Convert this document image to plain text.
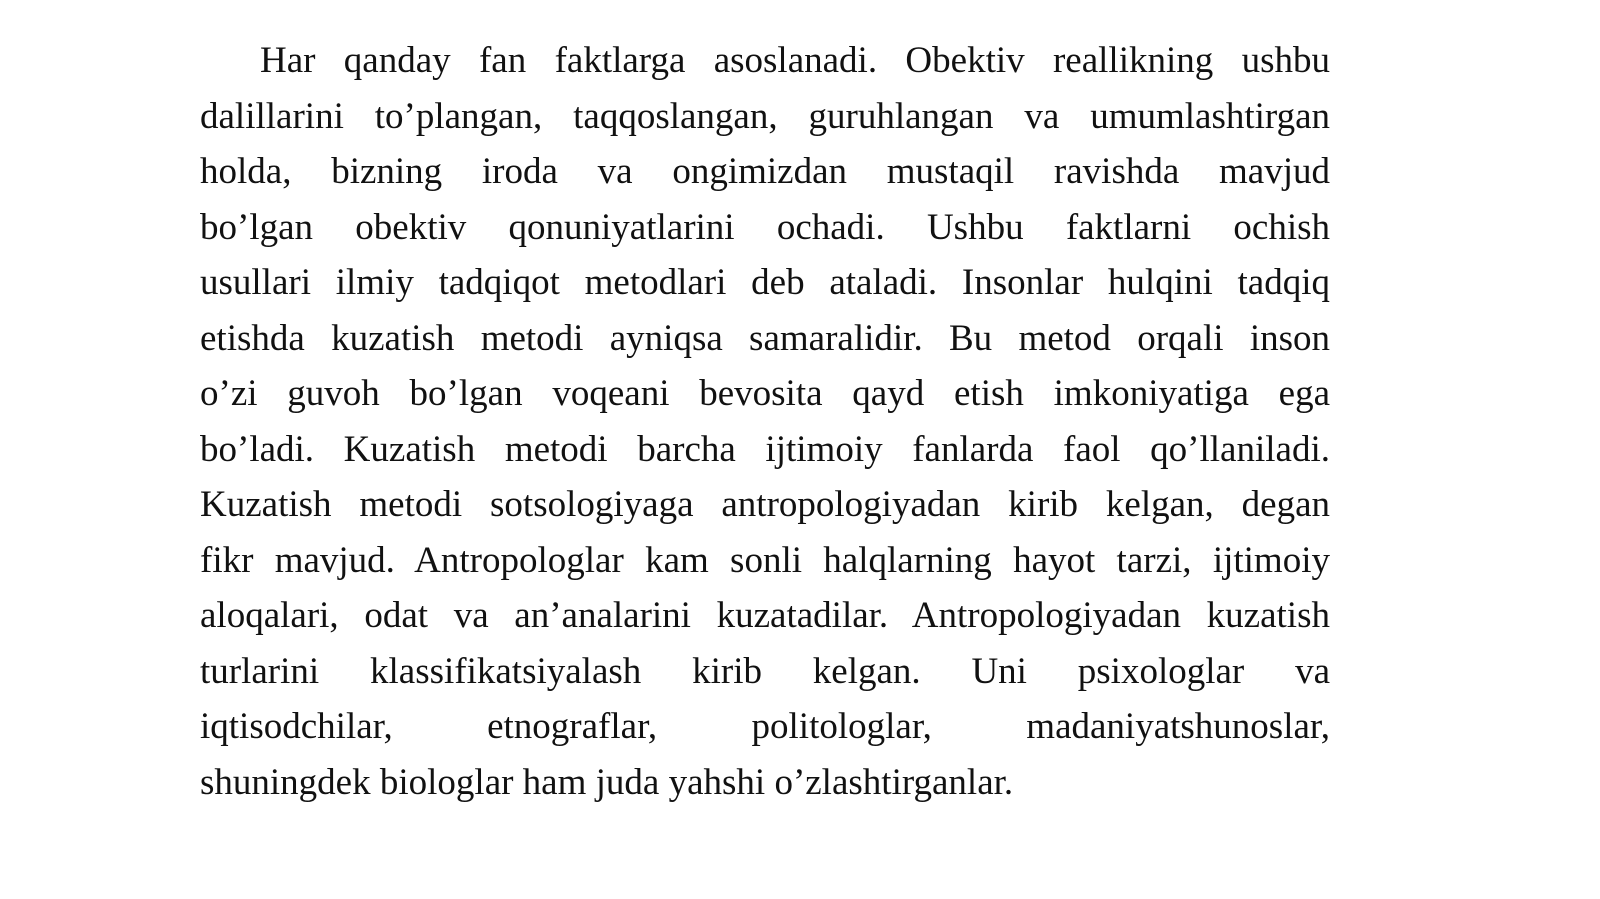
Har qanday fan faktlarga asoslanadi. Obektiv reallikning ushbu
dalillarini to’plangan, taqqoslangan, guruhlangan va umumlashtirgan
holda, bizning iroda va ongimizdan mustaqil ravishda mavjud
bo’lgan obektiv qonuniyatlarini ochadi. Ushbu faktlarni ochish
usullari ilmiy tadqiqot metodlari deb ataladi. Insonlar hulqini tadqiq
etishda kuzatish metodi ayniqsa samaralidir. Bu metod orqali inson
o’zi guvoh bo’lgan voqeani bevosita qayd etish imkoniyatiga ega
bo’ladi. Kuzatish metodi barcha ijtimoiy fanlarda faol qo’llaniladi.
Kuzatish metodi sotsologiyaga antropologiyadan kirib kelgan, degan
fikr mavjud. Antropologlar kam sonli halqlarning hayot tarzi, ijtimoiy
aloqalari, odat va an’analarini kuzatadilar. Antropologiyadan kuzatish
turlarini klassifikatsiyalash kirib kelgan. Uni psixologlar va
iqtisodchilar, etnograflar, politologlar, madaniyatshunoslar,
shuningdek biologlar ham juda yahshi o’zlashtirganlar.
